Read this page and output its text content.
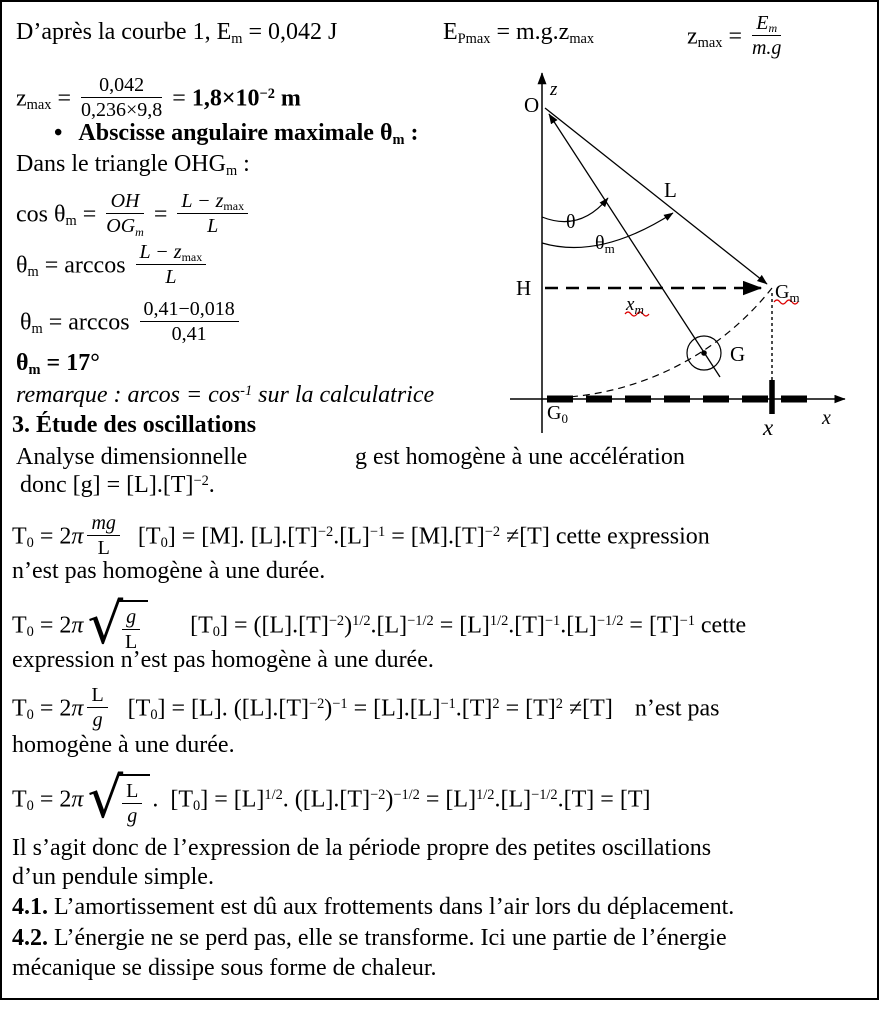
D’après la courbe 1, Em = 0,042 J	EPmax = m.g.zmax	$zmax = \frac{Em}{m.g}$
$zmax = \frac{0,042}{0,236\times 9,8} = 1,8\times 10^{-2}$ m
• Abscisse angulaire maximale θm :
Dans le triangle OHGm :
$\cos \theta m = \frac{OH}{\text{OGm}} = \frac{L - zmax}{L}$
$\theta m = \arccos \frac{L - zmax}{L}$
$\theta m = \arccos \frac{0,41-0,018}{0,41}$
θm = 17°
remarque : $arcos = \cos^{-1}$ sur la calculatrice
3. Étude des oscillations
Analyse dimensionnelle	g est homogène à une accélération
donc $[g] = [L].[T]^{-2}$.
$T0 = 2\pi \frac{mg}{L} [T0] = [M]$. $[L].[T]^{-2}.[L]^{-1} = [M].[T]^{-2} \ne[T]$ cette expression
n’est pas homogène à une durée.
T0 = 2π √ $\frac{g}{L} [T0] = ([L].[T]^{-2})^{1/2}.[L]^{-1/2} = [L]^{1/2}.[T]^{-1}.[L]^{-1/2} = [T]^{-1}$ cette
expression n’est pas homogène à une durée.
$T0 = 2\pi \frac{L}{g} [T0] = [L]$. $([L].[T]^{-2})^{-1} = [L].[L]^{-1}.[T]^2 = [T]^2 \ne[T]$ n’est pas
homogène à une durée.
T0 = 2π √ $\frac{L}{g}$ . $[T0] = [L]^{1/2}$. $([L].[T]^{-2})^{-1/2} = [L]^{1/2}.[L]^{-1/2}.[T] = [T]$
Il s’agit donc de l’expression de la période propre des petites oscillations
d’un pendule simple.
4.1. L’amortissement est dû aux frottements dans l’air lors du déplacement.
4.2. L’énergie ne se perd pas, elle se transforme. Ici une partie de l’énergie
mécanique se dissipe sous forme de chaleur.
O
z
θ
$\theta_m$
L
H
$x_m$
$G_m$
G
$G_0$	x
x
